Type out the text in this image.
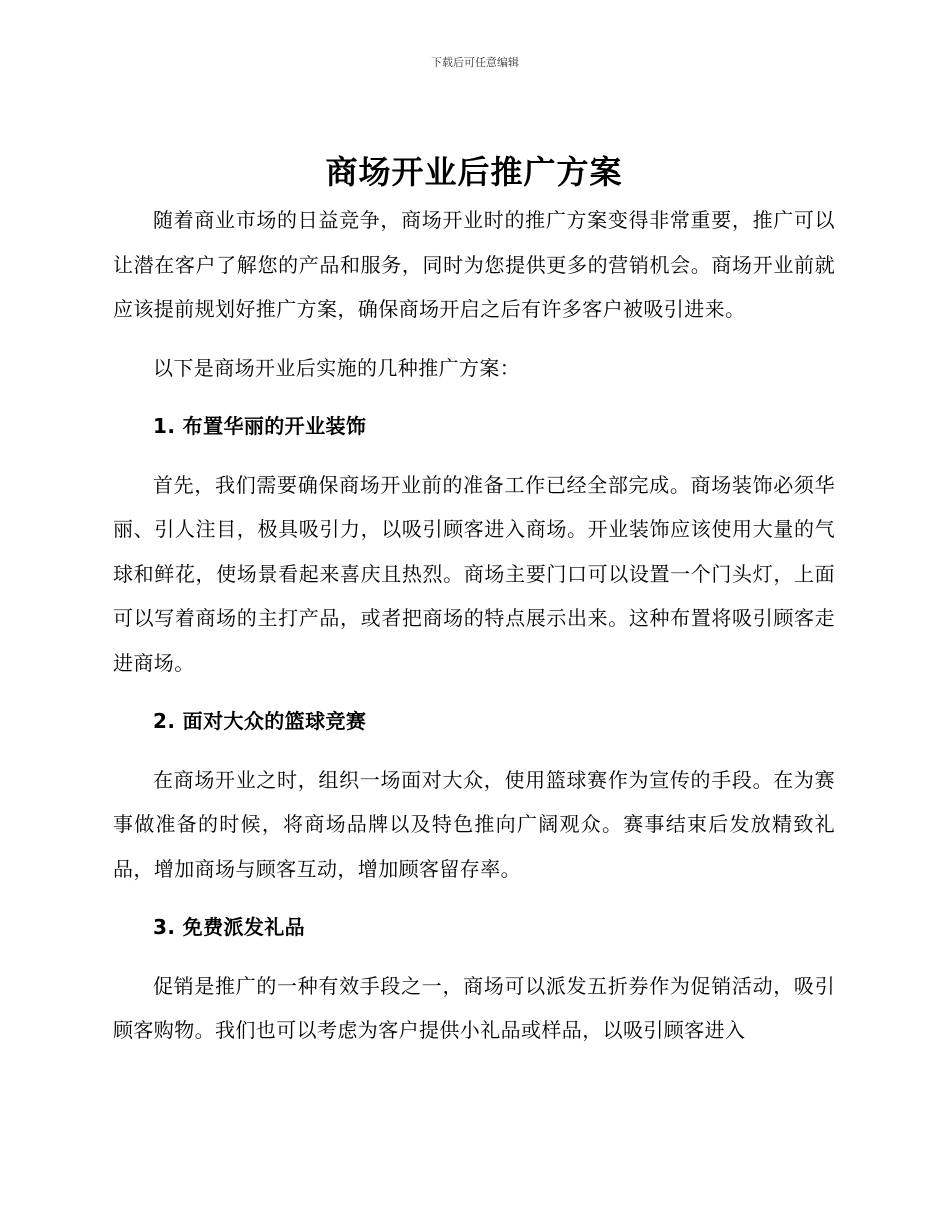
下载后可任意编辑
商场开业后推广方案

随着商业市场的日益竞争，商场开业时的推广方案变得非常重要，推广可以让潜在客户了解您的产品和服务，同时为您提供更多的营销机会。商场开业前就应该提前规划好推广方案，确保商场开启之后有许多客户被吸引进来。

以下是商场开业后实施的几种推广方案：

1. 布置华丽的开业装饰

首先，我们需要确保商场开业前的准备工作已经全部完成。商场装饰必须华丽、引人注目，极具吸引力，以吸引顾客进入商场。开业装饰应该使用大量的气球和鲜花，使场景看起来喜庆且热烈。商场主要门口可以设置一个门头灯，上面可以写着商场的主打产品，或者把商场的特点展示出来。这种布置将吸引顾客走进商场。

2. 面对大众的篮球竞赛

在商场开业之时，组织一场面对大众，使用篮球赛作为宣传的手段。在为赛事做准备的时候，将商场品牌以及特色推向广阔观众。赛事结束后发放精致礼品，增加商场与顾客互动，增加顾客留存率。

3. 免费派发礼品

促销是推广的一种有效手段之一，商场可以派发五折券作为促销活动，吸引顾客购物。我们也可以考虑为客户提供小礼品或样品，以吸引顾客进入
